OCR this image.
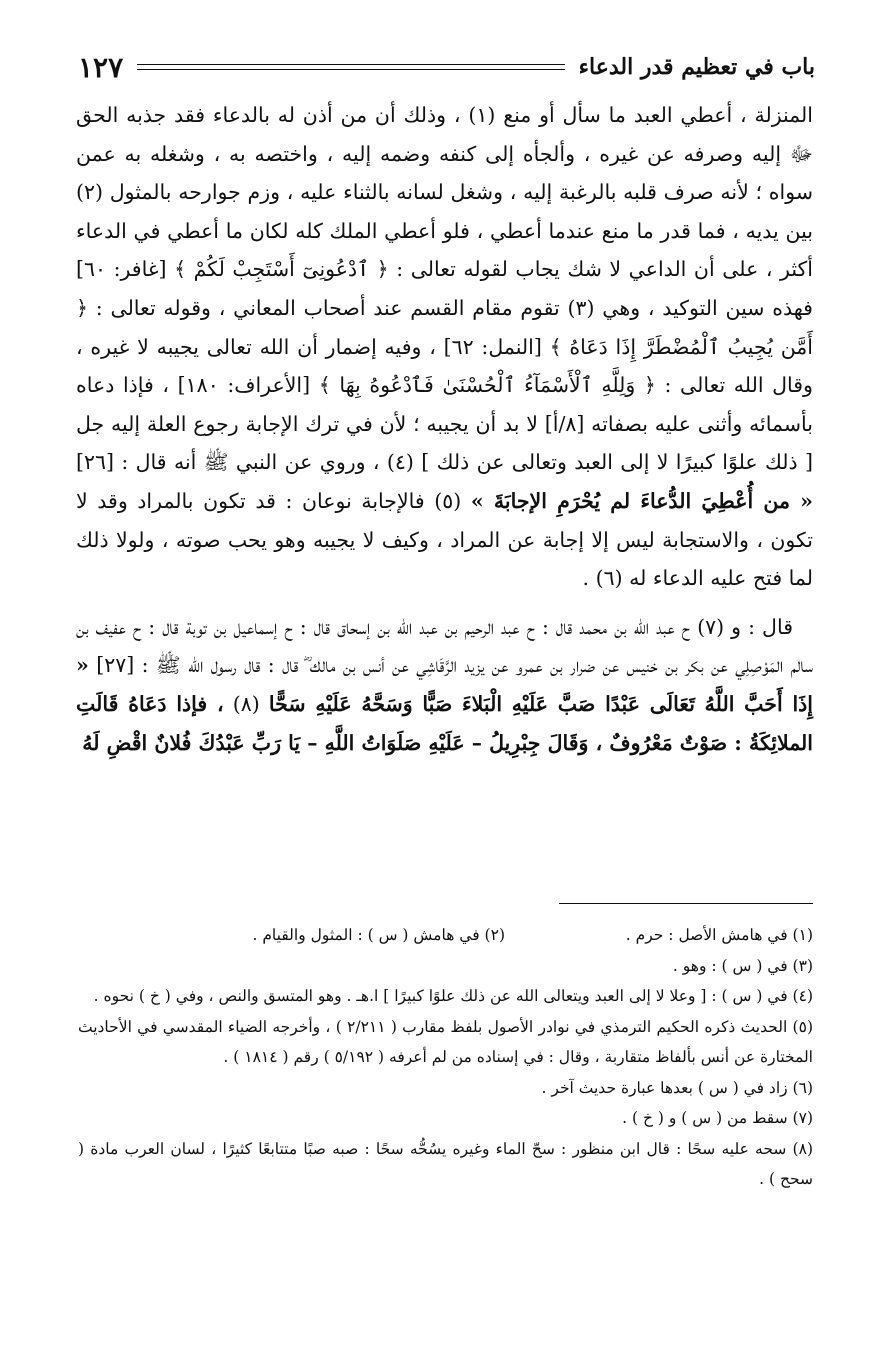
باب في تعظيم قدر الدعاء
١٢٧

المنزلة ، أعطي العبد ما سأل أو منع (١) ، وذلك أن من أذن له بالدعاء فقد جذبه الحق ﷻ إليه وصرفه عن غيره ، وألجأه إلى كنفه وضمه إليه ، واختصه به ، وشغله به عمن سواه ؛ لأنه صرف قلبه بالرغبة إليه ، وشغل لسانه بالثناء عليه ، وزم جوارحه بالمثول (٢) بين يديه ، فما قدر ما منع عندما أعطي ، فلو أعطي الملك كله لكان ما أعطي في الدعاء أكثر ، على أن الداعي لا شك يجاب لقوله تعالى : ﴿ ٱدْعُونِىٓ أَسْتَجِبْ لَكُمْ ﴾ [غافر: ٦٠] فهذه سين التوكيد ، وهي (٣) تقوم مقام القسم عند أصحاب المعاني ، وقوله تعالى : ﴿ أَمَّن يُجِيبُ ٱلْمُضْطَرَّ إِذَا دَعَاهُ ﴾ [النمل: ٦٢] ، وفيه إضمار أن الله تعالى يجيبه لا غيره ، وقال الله تعالى : ﴿ وَلِلَّهِ ٱلْأَسْمَآءُ ٱلْحُسْنَىٰ فَٱدْعُوهُ بِهَا ﴾ [الأعراف: ١٨٠] ، فإذا دعاه بأسمائه وأثنى عليه بصفاته [٨/أ] لا بد أن يجيبه ؛ لأن في ترك الإجابة رجوع العلة إليه جل [ ذلك علوًا كبيرًا لا إلى العبد وتعالى عن ذلك ] (٤) ، وروي عن النبي ﷺ أنه قال : [٢٦] « من أُعْطِيَ الدُّعاءَ لم يُحْرَمِ الإجابَةَ » (٥) فالإجابة نوعان : قد تكون بالمراد وقد لا تكون ، والاستجابة ليس إلا إجابة عن المراد ، وكيف لا يجيبه وهو يحب صوته ، ولولا ذلك لما فتح عليه الدعاء له (٦) .

قال : و (٧) ح عبد الله بن محمد قال : ح عبد الرحيم بن عبد الله بن إسحاق قال : ح إسماعيل بن توبة قال : ح عفيف بن سالم المَوْصِلِي عن بكر بن خنيس عن ضرار بن عمرو عن يزيد الرَّقَاشِي عن أنس بن مالك ؓ قال : قال رسول الله ﷺ : [٢٧] « إِذَا أَحَبَّ اللَّهُ تَعَالَى عَبْدًا صَبَّ عَلَيْهِ الْبَلاءَ صَبًّا وَسَحَّهُ عَلَيْهِ سَحًّا (٨) ، فإذا دَعَاهُ قَالَتِ الملائِكَةُ : صَوْتٌ مَعْرُوفٌ ، وَقَالَ جِبْرِيلُ – عَلَيْهِ صَلَوَاتُ اللَّهِ – يَا رَبِّ عَبْدُكَ فُلانٌ اقْضِ لَهُ

(١) في هامش الأصل : حرم .

(٢) في هامش ( س ) : المثول والقيام .

(٣) في ( س ) : وهو .

(٤) في ( س ) : [ وعلا لا إلى العبد ويتعالى الله عن ذلك علوًا كبيرًا ] ا.هـ . وهو المتسق والنص ، وفي ( خ ) نحوه .

(٥) الحديث ذكره الحكيم الترمذي في نوادر الأصول بلفظ مقارب ( ٢/٢١١ ) ، وأخرجه الضياء المقدسي في الأحاديث المختارة عن أنس بألفاظ متقاربة ، وقال : في إسناده من لم أعرفه ( ٥/١٩٢ ) رقم ( ١٨١٤ ) .

(٦) زاد في ( س ) بعدها عبارة حديث آخر .

(٧) سقط من ( س ) و ( خ ) .

(٨) سحه عليه سحًا : قال ابن منظور : سحّ الماء وغيره يسُحُّه سحًا : صبه صبًا متتابعًا كثيرًا ، لسان العرب مادة ( سحح ) .
